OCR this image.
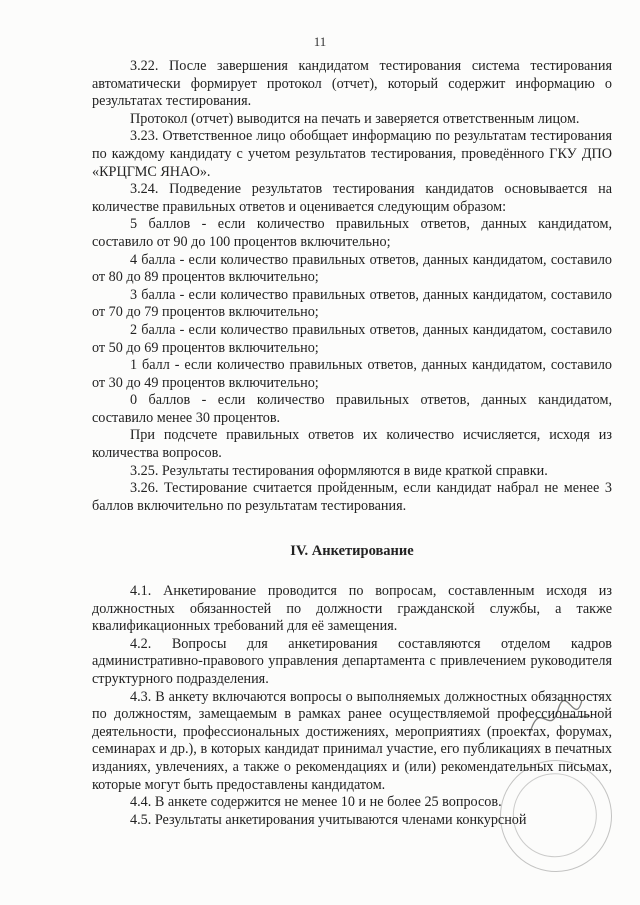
11

3.22. После завершения кандидатом тестирования система тестирования автоматически формирует протокол (отчет), который содержит информацию о результатах тестирования.

Протокол (отчет) выводится на печать и заверяется ответственным лицом.

3.23. Ответственное лицо обобщает информацию по результатам тестирования по каждому кандидату с учетом результатов тестирования, проведённого ГКУ ДПО «КРЦГМС ЯНАО».

3.24. Подведение результатов тестирования кандидатов основывается на количестве правильных ответов и оценивается следующим образом:

5 баллов - если количество правильных ответов, данных кандидатом, составило от 90 до 100 процентов включительно;

4 балла - если количество правильных ответов, данных кандидатом, составило от 80 до 89 процентов включительно;

3 балла - если количество правильных ответов, данных кандидатом, составило от 70 до 79 процентов включительно;

2 балла - если количество правильных ответов, данных кандидатом, составило от 50 до 69 процентов включительно;

1 балл - если количество правильных ответов, данных кандидатом, составило от 30 до 49 процентов включительно;

0 баллов - если количество правильных ответов, данных кандидатом, составило менее 30 процентов.

При подсчете правильных ответов их количество исчисляется, исходя из количества вопросов.

3.25. Результаты тестирования оформляются в виде краткой справки.

3.26. Тестирование считается пройденным, если кандидат набрал не менее 3 баллов включительно по результатам тестирования.

IV. Анкетирование

4.1. Анкетирование проводится по вопросам, составленным исходя из должностных обязанностей по должности гражданской службы, а также квалификационных требований для её замещения.

4.2. Вопросы для анкетирования составляются отделом кадров административно-правового управления департамента с привлечением руководителя структурного подразделения.

4.3. В анкету включаются вопросы о выполняемых должностных обязанностях по должностям, замещаемым в рамках ранее осуществляемой профессиональной деятельности, профессиональных достижениях, мероприятиях (проектах, форумах, семинарах и др.), в которых кандидат принимал участие, его публикациях в печатных изданиях, увлечениях, а также о рекомендациях и (или) рекомендательных письмах, которые могут быть предоставлены кандидатом.

4.4. В анкете содержится не менее 10 и не более 25 вопросов.

4.5. Результаты анкетирования учитываются членами конкурсной
